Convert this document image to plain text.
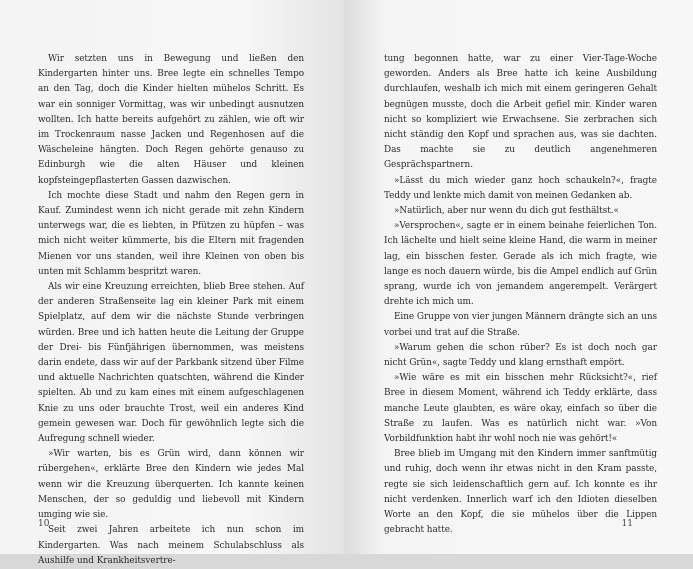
Wir setzten uns in Bewegung und ließen den Kindergarten hinter uns. Bree legte ein schnelles Tempo an den Tag, doch die Kinder hielten mühelos Schritt. Es war ein sonniger Vormittag, was wir unbedingt ausnutzen wollten. Ich hatte bereits aufgehört zu zählen, wie oft wir im Trockenraum nasse Jacken und Regenhosen auf die Wäscheleine hängten. Doch Regen gehörte genauso zu Edinburgh wie die alten Häuser und kleinen kopfsteingepflasterten Gassen dazwischen.

Ich mochte diese Stadt und nahm den Regen gern in Kauf. Zumindest wenn ich nicht gerade mit zehn Kindern unterwegs war, die es liebten, in Pfützen zu hüpfen – was mich nicht weiter kümmerte, bis die Eltern mit fragenden Mienen vor uns standen, weil ihre Kleinen von oben bis unten mit Schlamm bespritzt waren.

Als wir eine Kreuzung erreichten, blieb Bree stehen. Auf der anderen Straßenseite lag ein kleiner Park mit einem Spielplatz, auf dem wir die nächste Stunde verbringen würden. Bree und ich hatten heute die Leitung der Gruppe der Drei- bis Fünfjährigen übernommen, was meistens darin endete, dass wir auf der Parkbank sitzend über Filme und aktuelle Nachrichten quatschten, während die Kinder spielten. Ab und zu kam eines mit einem aufgeschlagenen Knie zu uns oder brauchte Trost, weil ein anderes Kind gemein gewesen war. Doch für gewöhnlich legte sich die Aufregung schnell wieder.

»Wir warten, bis es Grün wird, dann können wir rübergehen«, erklärte Bree den Kindern wie jedes Mal wenn wir die Kreuzung überquerten. Ich kannte keinen Menschen, der so geduldig und liebevoll mit Kindern umging wie sie.

Seit zwei Jahren arbeitete ich nun schon im Kindergarten. Was nach meinem Schulabschluss als Aushilfe und Krankheitsvertre-

10

tung begonnen hatte, war zu einer Vier-Tage-Woche geworden. Anders als Bree hatte ich keine Ausbildung durchlaufen, weshalb ich mich mit einem geringeren Gehalt begnügen musste, doch die Arbeit gefiel mir. Kinder waren nicht so kompliziert wie Erwachsene. Sie zerbrachen sich nicht ständig den Kopf und sprachen aus, was sie dachten. Das machte sie zu deutlich angenehmeren Gesprächspartnern.

»Lässt du mich wieder ganz hoch schaukeln?«, fragte Teddy und lenkte mich damit von meinen Gedanken ab.

»Natürlich, aber nur wenn du dich gut festhältst.«

»Versprochen«, sagte er in einem beinahe feierlichen Ton. Ich lächelte und hielt seine kleine Hand, die warm in meiner lag, ein bisschen fester. Gerade als ich mich fragte, wie lange es noch dauern würde, bis die Ampel endlich auf Grün sprang, wurde ich von jemandem angerempelt. Verärgert drehte ich mich um.

Eine Gruppe von vier jungen Männern drängte sich an uns vorbei und trat auf die Straße.

»Warum gehen die schon rüber? Es ist doch noch gar nicht Grün«, sagte Teddy und klang ernsthaft empört.

»Wie wäre es mit ein bisschen mehr Rücksicht?«, rief Bree in diesem Moment, während ich Teddy erklärte, dass manche Leute glaubten, es wäre okay, einfach so über die Straße zu laufen. Was es natürlich nicht war. »Von Vorbildfunktion habt ihr wohl noch nie was gehört!«

Bree blieb im Umgang mit den Kindern immer sanftmütig und ruhig, doch wenn ihr etwas nicht in den Kram passte, regte sie sich leidenschaftlich gern auf. Ich konnte es ihr nicht verdenken. Innerlich warf ich den Idioten dieselben Worte an den Kopf, die sie mühelos über die Lippen gebracht hatte.

11
